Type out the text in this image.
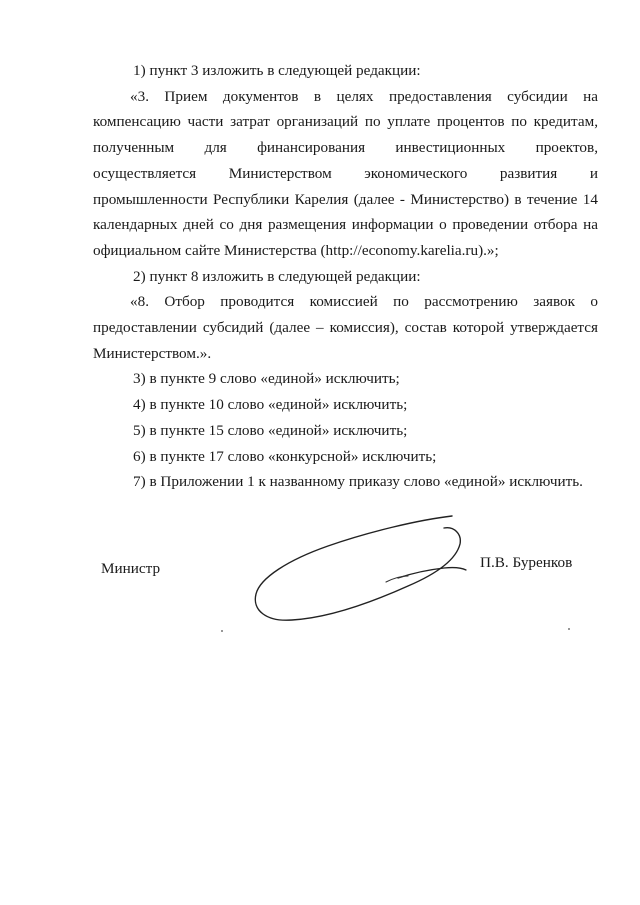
1) пункт 3 изложить в следующей редакции:

«3. Прием документов в целях предоставления субсидии на компенсацию части затрат организаций по уплате процентов по кредитам, полученным для финансирования инвестиционных проектов, осуществляется Министерством экономического развития и промышленности Республики Карелия (далее - Министерство) в течение 14 календарных дней со дня размещения информации о проведении отбора на официальном сайте Министерства (http://economy.karelia.ru).»;

2) пункт 8 изложить в следующей редакции:

«8. Отбор проводится комиссией по рассмотрению заявок о предоставлении субсидий (далее – комиссия), состав которой утверждается Министерством.».

3) в пункте 9 слово «единой» исключить;

4) в пункте 10 слово «единой» исключить;

5) в пункте 15 слово «единой» исключить;

6) в пункте 17 слово «конкурсной» исключить;

7) в Приложении 1 к названному приказу слово «единой» исключить.

Министр	П.В. Буренков
